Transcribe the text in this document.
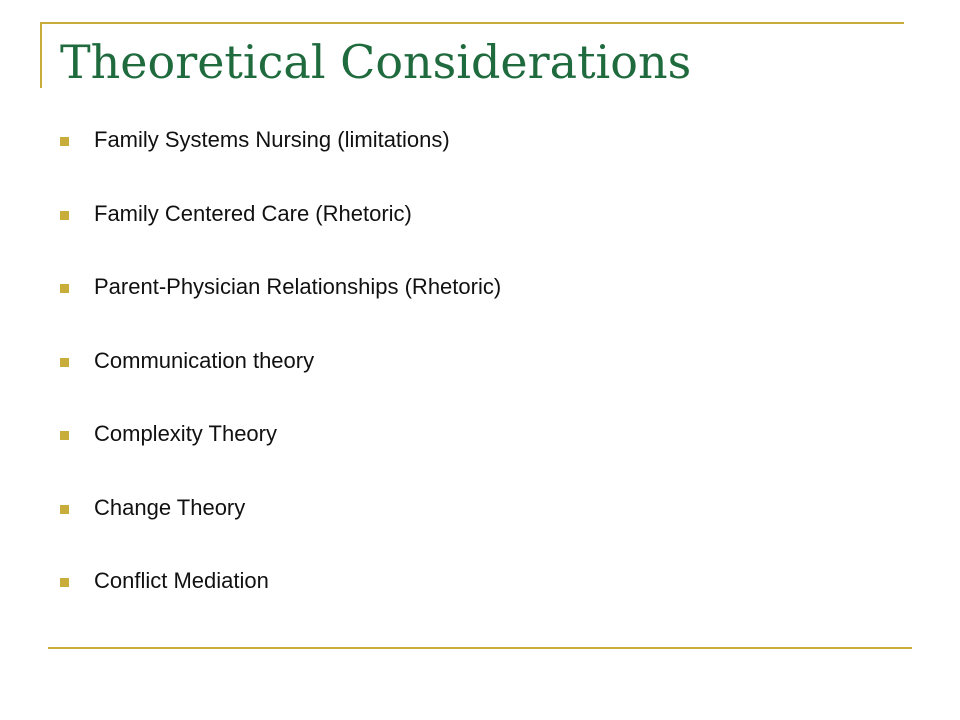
Theoretical Considerations
Family Systems Nursing (limitations)
Family Centered Care (Rhetoric)
Parent-Physician Relationships (Rhetoric)
Communication theory
Complexity Theory
Change Theory
Conflict Mediation
